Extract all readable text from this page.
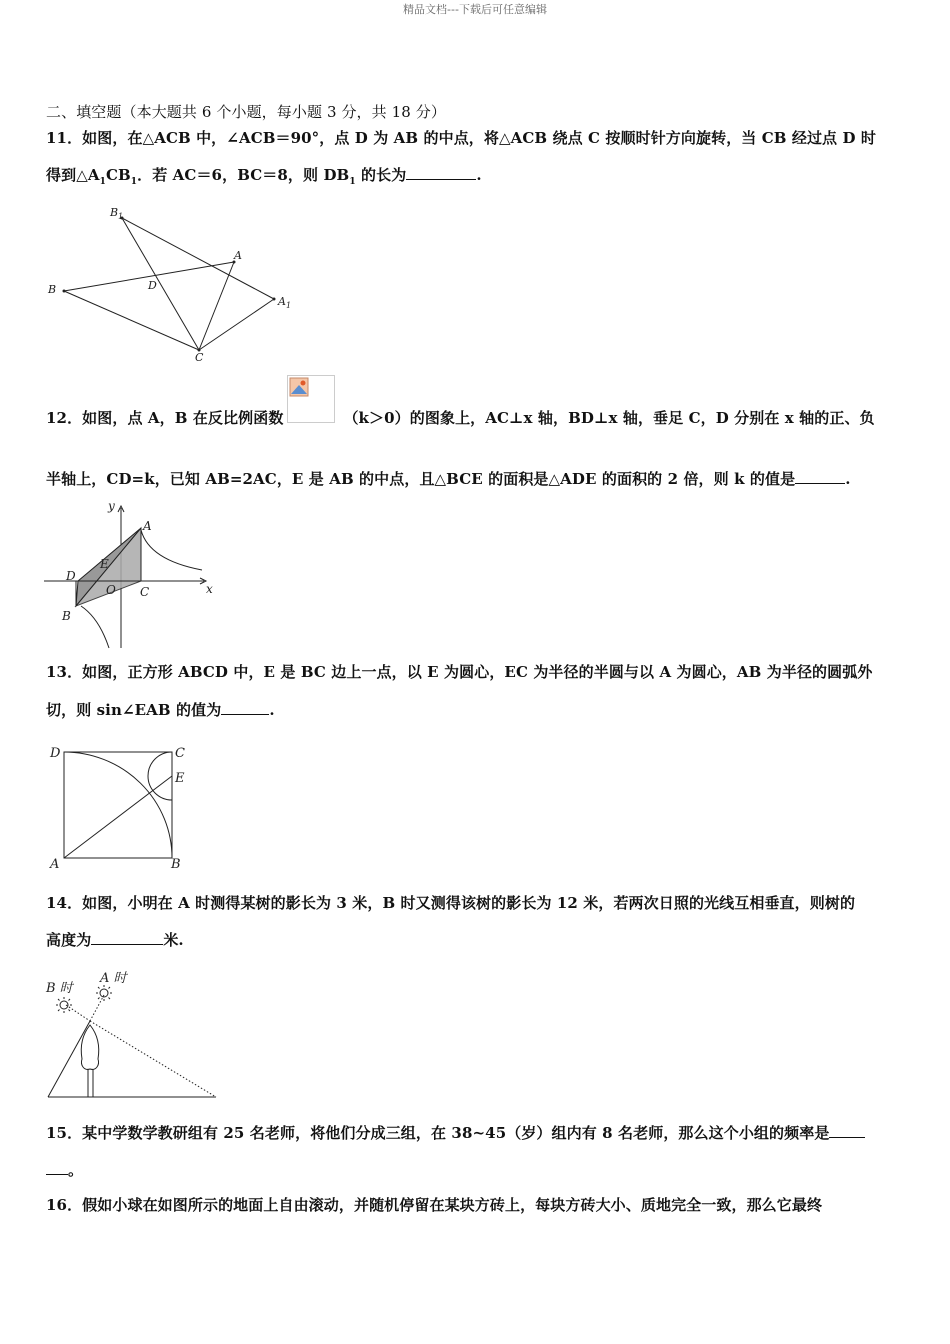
精品文档---下载后可任意编辑
二、填空题（本大题共 6 个小题，每小题 3 分，共 18 分）
11．如图，在△ACB 中，∠ACB＝90°，点 D 为 AB 的中点，将△ACB 绕点 C 按顺时针方向旋转，当 CB 经过点 D 时
得到$\triangle A_1CB_1$．若 AC＝6，BC＝8，则 $DB_1$ 的长为	.
B 1
A
D
B
A 1
C
12．如图，点 A，B 在反比例函数	（k＞0）的图象上，AC⊥x 轴，BD⊥x 轴，垂足 C，D 分别在 x 轴的正、负
半轴上，CD=k，已知 AB=2AC，E 是 AB 的中点，且△BCE 的面积是△ADE 的面积的 2 倍，则 k 的值是	.
y
x
A
E
D
O C
B
13．如图，正方形 ABCD 中，E 是 BC 边上一点，以 E 为圆心，EC 为半径的半圆与以 A 为圆心，AB 为半径的圆弧外
切，则 sin∠EAB 的值为	.
D	C
E
A	B
14．如图，小明在 A 时测得某树的影长为 3 米，B 时又测得该树的影长为 12 米，若两次日照的光线互相垂直，则树的
高度为	米.
B 时
A 时
15．某中学数学教研组有 25 名老师，将他们分成三组，在 38~45（岁）组内有 8 名老师，那么这个小组的频率是
。
16．假如小球在如图所示的地面上自由滚动，并随机停留在某块方砖上，每块方砖大小、质地完全一致，那么它最终
